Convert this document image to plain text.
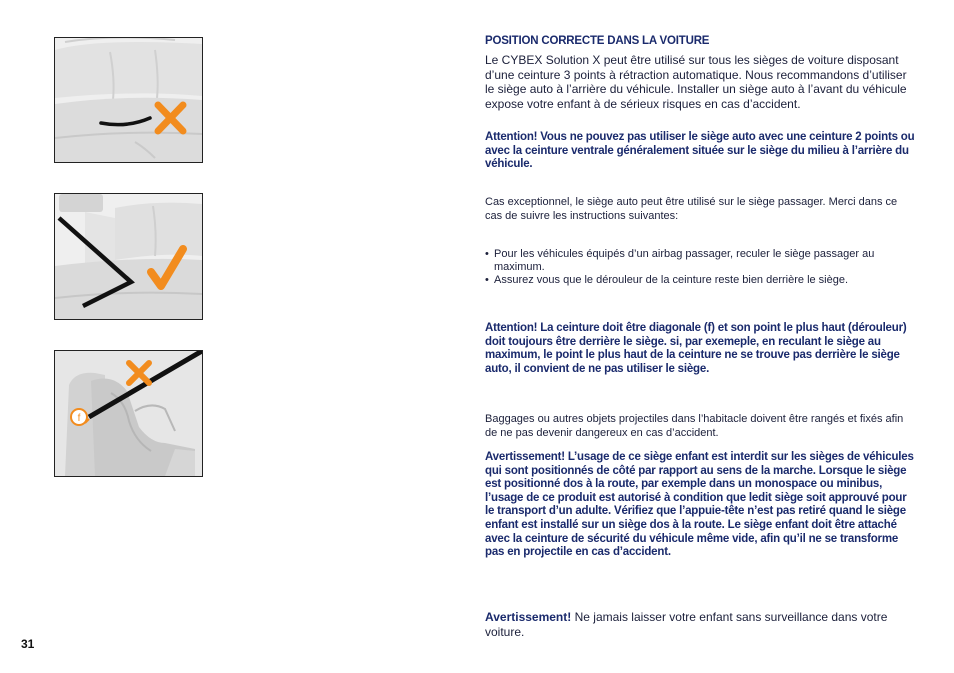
f
31

POSITION CORRECTE DANS LA VOITURE

Le CYBEX Solution X peut être utilisé sur tous les sièges de voiture disposant d’une ceinture 3 points à rétraction automatique. Nous recommandons d’utiliser le siège auto à l’arrière du véhicule. Installer un siège auto à l’avant du véhicule expose votre enfant à de sérieux risques en cas d’accident.

Attention! Vous ne pouvez pas utiliser le siège auto avec une ceinture 2 points ou avec la ceinture ventrale généralement située sur le siège du milieu à l’arrière du véhicule.

Cas exceptionnel, le siège auto peut être utilisé sur le siège passager. Merci dans ce cas de suivre les instructions suivantes:

• Pour les véhicules équipés d’un airbag passager, reculer le siège passager au maximum.
• Assurez vous que le dérouleur de la ceinture reste bien derrière le siège.

Attention! La ceinture doit être diagonale (f) et son point le plus haut (dérouleur) doit toujours être derrière le siège. si, par exemeple, en reculant le siège au maximum, le point le plus haut de la ceinture ne se trouve pas derrière le siège auto, il convient de ne pas utiliser le siège.

Baggages ou autres objets projectiles dans l’habitacle doivent être rangés et fixés afin de ne pas devenir dangereux en cas d’accident.

Avertissement! L’usage de ce siège enfant est interdit sur les sièges de véhicules qui sont positionnés de côté par rapport au sens de la marche. Lorsque le siège est positionné dos à la route, par exemple dans un monospace ou minibus, l’usage de ce produit est autorisé à condition que ledit siège soit approuvé pour le transport d’un adulte. Vérifiez que l’appuie-tête n’est pas retiré quand le siège enfant est installé sur un siège dos à la route. Le siège enfant doit être attaché avec la ceinture de sécurité du véhicule même vide, afin qu’il ne se transforme pas en projectile en cas d’accident.

Avertissement! Ne jamais laisser votre enfant sans surveillance dans votre voiture.
